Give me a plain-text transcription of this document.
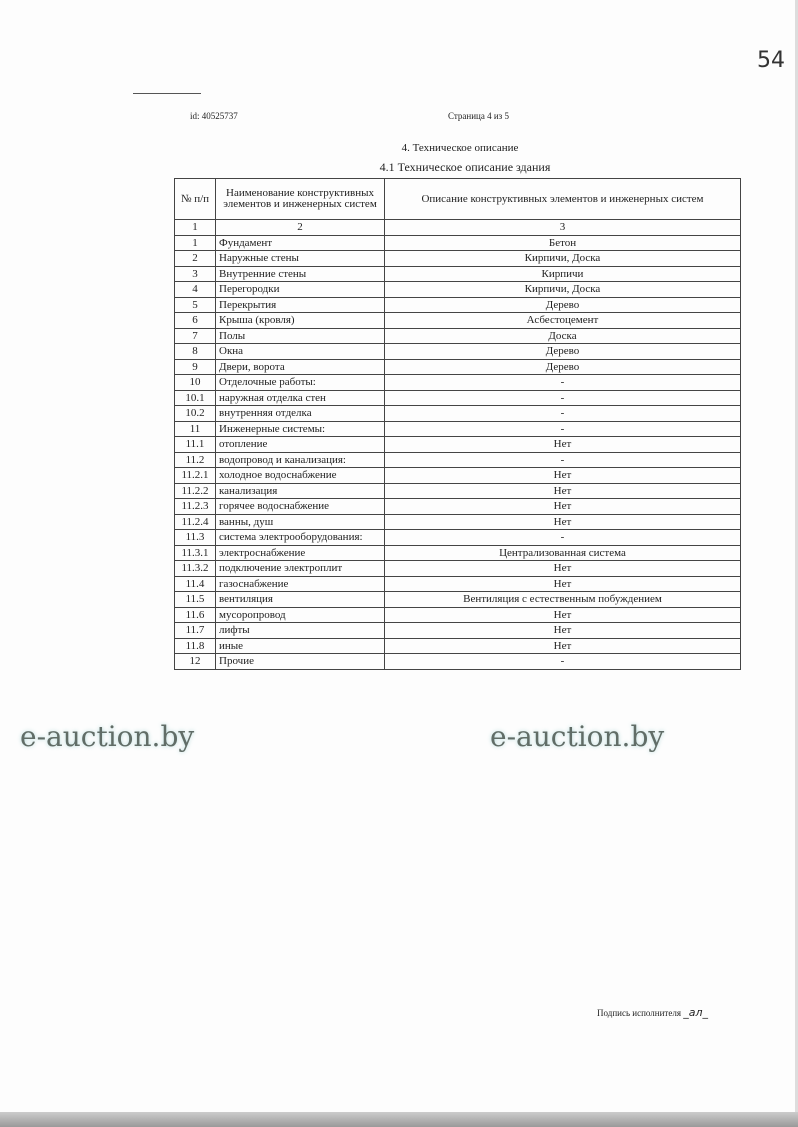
54
id: 40525737	Страница 4 из 5
4. Техническое описание
4.1 Техническое описание здания
№ п/п	Наименование конструктивных элементов и инженерных систем	Описание конструктивных элементов и инженерных систем
1	2	3
1	Фундамент	Бетон
2	Наружные стены	Кирпичи, Доска
3	Внутренние стены	Кирпичи
4	Перегородки	Кирпичи, Доска
5	Перекрытия	Дерево
6	Крыша (кровля)	Асбестоцемент
7	Полы	Доска
8	Окна	Дерево
9	Двери, ворота	Дерево
10	Отделочные работы:	-
10.1	наружная отделка стен	-
10.2	внутренняя отделка	-
11	Инженерные системы:	-
11.1	отопление	Нет
11.2	водопровод и канализация:	-
11.2.1	холодное водоснабжение	Нет
11.2.2	канализация	Нет
11.2.3	горячее водоснабжение	Нет
11.2.4	ванны, душ	Нет
11.3	система электрооборудования:	-
11.3.1	электроснабжение	Централизованная система
11.3.2	подключение электроплит	Нет
11.4	газоснабжение	Нет
11.5	вентиляция	Вентиляция с естественным побуждением
11.6	мусоропровод	Нет
11.7	лифты	Нет
11.8	иные	Нет
12	Прочие	-
e-auction.by	e-auction.by
Подпись исполнителя _ал_
